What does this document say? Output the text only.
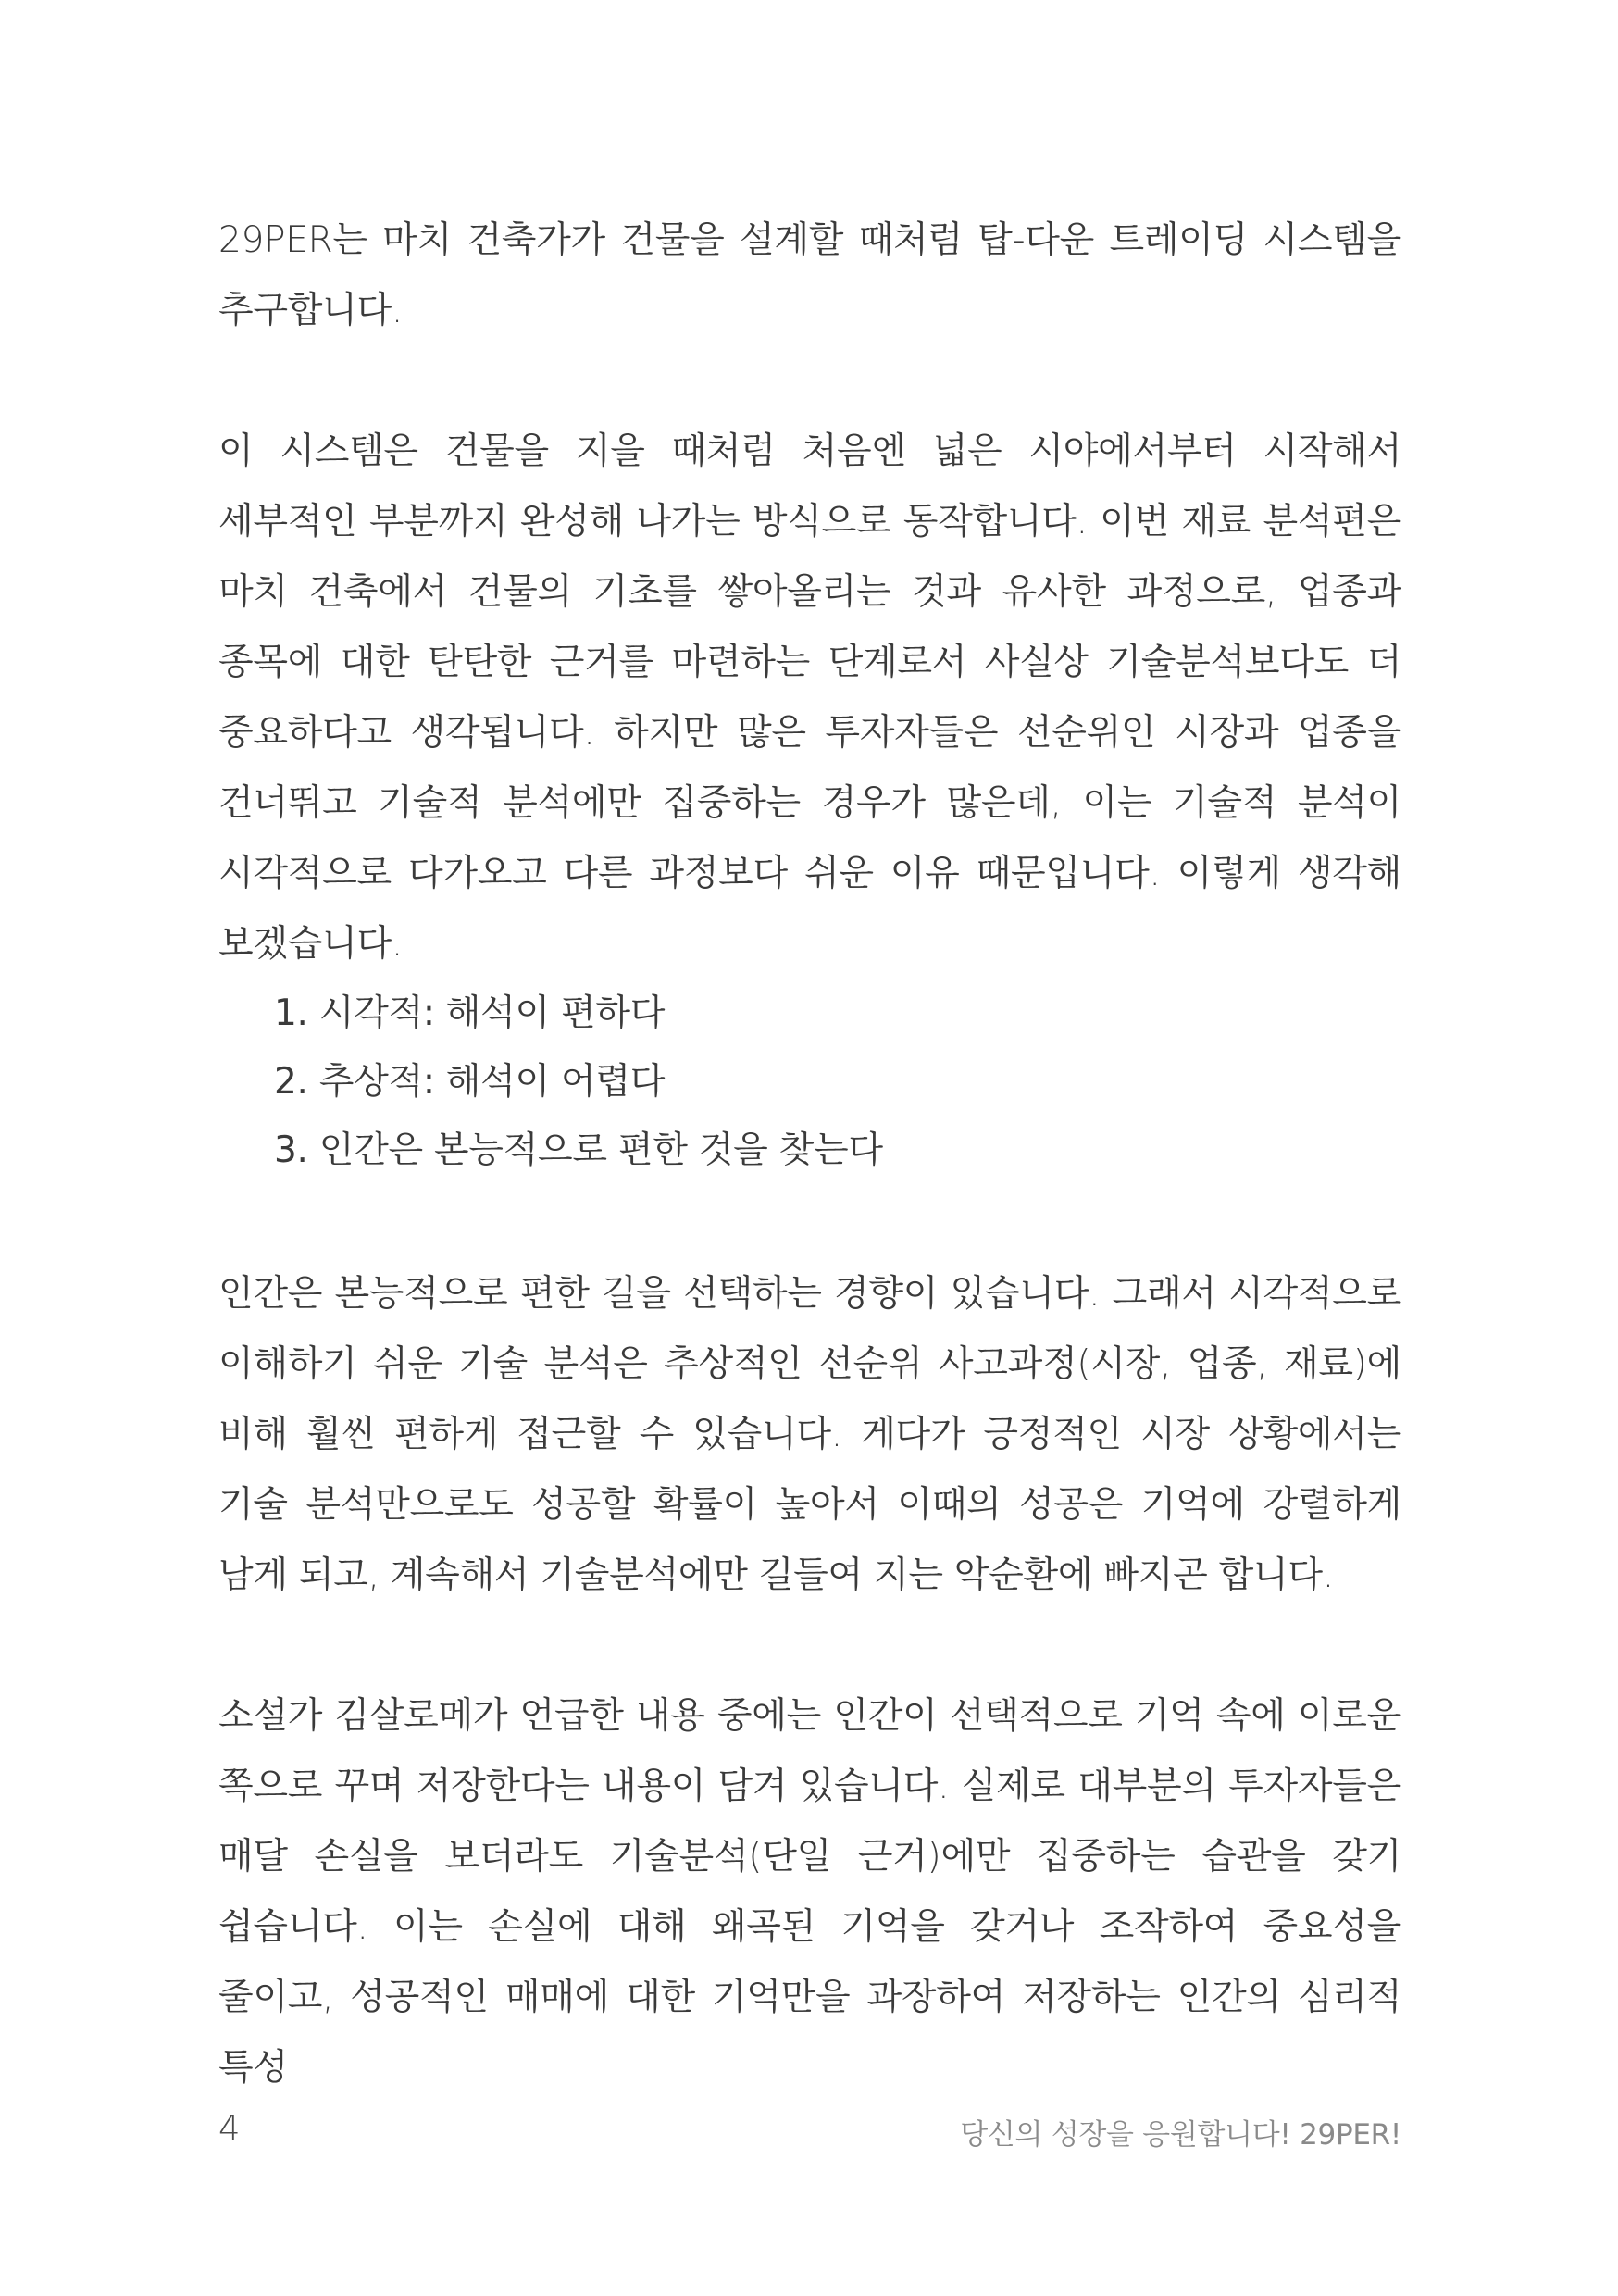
29PER는 마치 건축가가 건물을 설계할 때처럼 탑-다운 트레이딩 시스템을 추구합니다.

이 시스템은 건물을 지을 때처럼 처음엔 넓은 시야에서부터 시작해서 세부적인 부분까지 완성해 나가는 방식으로 동작합니다. 이번 재료 분석편은 마치 건축에서 건물의 기초를 쌓아올리는 것과 유사한 과정으로, 업종과 종목에 대한 탄탄한 근거를 마련하는 단계로서 사실상 기술분석보다도 더 중요하다고 생각됩니다. 하지만 많은 투자자들은 선순위인 시장과 업종을 건너뛰고 기술적 분석에만 집중하는 경우가 많은데, 이는 기술적 분석이 시각적으로 다가오고 다른 과정보다 쉬운 이유 때문입니다. 이렇게 생각해 보겠습니다.

1. 시각적: 해석이 편하다
2. 추상적: 해석이 어렵다
3. 인간은 본능적으로 편한 것을 찾는다

인간은 본능적으로 편한 길을 선택하는 경향이 있습니다. 그래서 시각적으로 이해하기 쉬운 기술 분석은 추상적인 선순위 사고과정(시장, 업종, 재료)에 비해 훨씬 편하게 접근할 수 있습니다. 게다가 긍정적인 시장 상황에서는 기술 분석만으로도 성공할 확률이 높아서 이때의 성공은 기억에 강렬하게 남게 되고, 계속해서 기술분석에만 길들여 지는 악순환에 빠지곤 합니다.

소설가 김살로메가 언급한 내용 중에는 인간이 선택적으로 기억 속에 이로운 쪽으로 꾸며 저장한다는 내용이 담겨 있습니다. 실제로 대부분의 투자자들은 매달 손실을 보더라도 기술분석(단일 근거)에만 집중하는 습관을 갖기 쉽습니다. 이는 손실에 대해 왜곡된 기억을 갖거나 조작하여 중요성을 줄이고, 성공적인 매매에 대한 기억만을 과장하여 저장하는 인간의 심리적 특성

4	당신의 성장을 응원합니다! 29PER!
